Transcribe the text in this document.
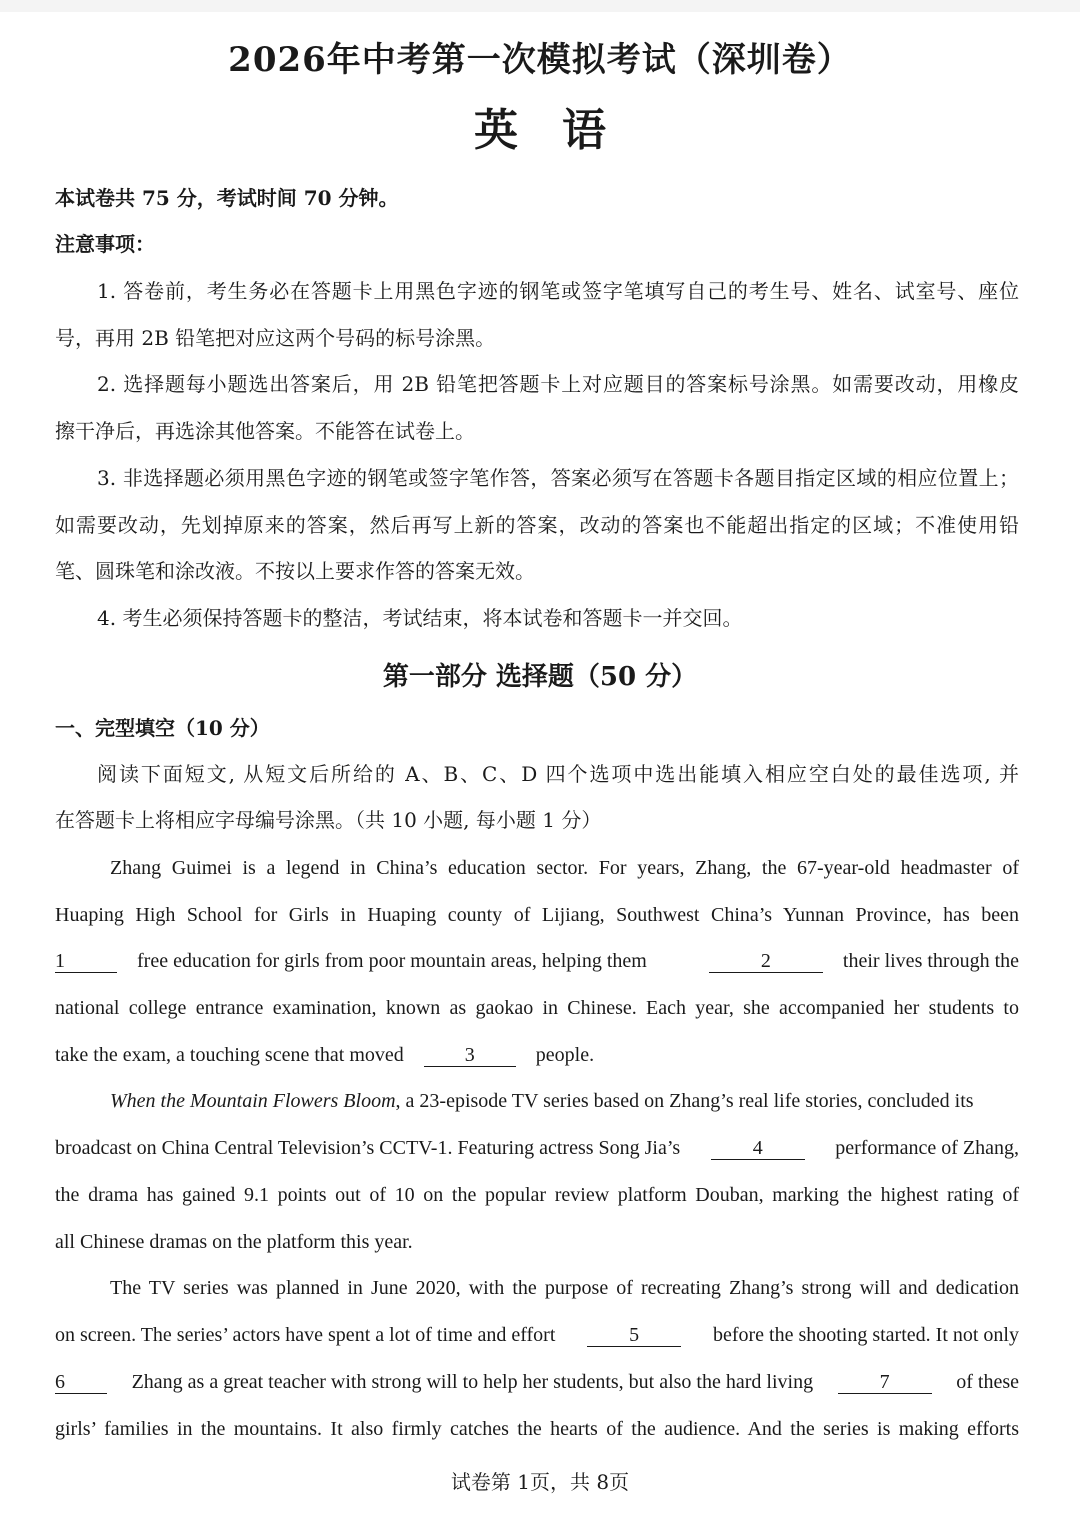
2026年中考第一次模拟考试（深圳卷）
英语
本试卷共 75 分，考试时间 70 分钟。
注意事项：
1. 答卷前，考生务必在答题卡上用黑色字迹的钢笔或签字笔填写自己的考生号、姓名、试室号、座位
号，再用 2B 铅笔把对应这两个号码的标号涂黑。
2. 选择题每小题选出答案后，用 2B 铅笔把答题卡上对应题目的答案标号涂黑。如需要改动，用橡皮
擦干净后，再选涂其他答案。不能答在试卷上。
3. 非选择题必须用黑色字迹的钢笔或签字笔作答，答案必须写在答题卡各题目指定区域的相应位置上；
如需要改动，先划掉原来的答案，然后再写上新的答案，改动的答案也不能超出指定的区域；不准使用铅
笔、圆珠笔和涂改液。不按以上要求作答的答案无效。
4. 考生必须保持答题卡的整洁，考试结束，将本试卷和答题卡一并交回。
第一部分 选择题（50 分）
一、完型填空（10 分）
阅读下面短文, 从短文后所给的 A、B、C、D 四个选项中选出能填入相应空白处的最佳选项, 并
在答题卡上将相应字母编号涂黑。（共 10 小题, 每小题 1 分）
Zhang Guimei is a legend in China’s education sector. For years, Zhang, the 67-year-old headmaster of
Huaping High School for Girls in Huaping county of Lijiang, Southwest China’s Yunnan Province, has been
1	free education for girls from poor mountain areas, helping them	2	their lives through the
national college entrance examination, known as gaokao in Chinese. Each year, she accompanied her students to
take the exam, a touching scene that moved	3	people.
When the Mountain Flowers Bloom, a 23-episode TV series based on Zhang’s real life stories, concluded its
broadcast on China Central Television’s CCTV-1. Featuring actress Song Jia’s	4	performance of Zhang,
the drama has gained 9.1 points out of 10 on the popular review platform Douban, marking the highest rating of
all Chinese dramas on the platform this year.
The TV series was planned in June 2020, with the purpose of recreating Zhang’s strong will and dedication
on screen. The series’ actors have spent a lot of time and effort	5	before the shooting started. It not only
6	Zhang as a great teacher with strong will to help her students, but also the hard living	7	of these
girls’ families in the mountains. It also firmly catches the hearts of the audience. And the series is making efforts
试卷第 1页，共 8页
